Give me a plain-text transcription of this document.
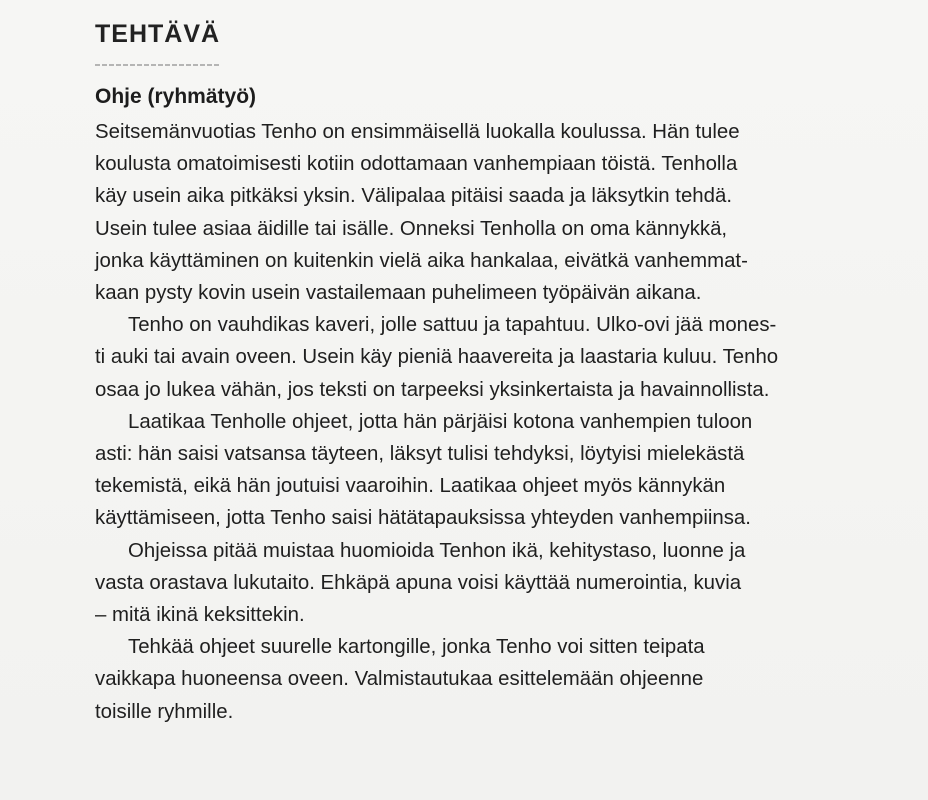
TEHTÄVÄ
Ohje (ryhmätyö)
Seitsemänvuotias Tenho on ensimmäisellä luokalla koulussa. Hän tulee
koulusta omatoimisesti kotiin odottamaan vanhempiaan töistä. Tenholla
käy usein aika pitkäksi yksin. Välipalaa pitäisi saada ja läksytkin tehdä.
Usein tulee asiaa äidille tai isälle. Onneksi Tenholla on oma kännykkä,
jonka käyttäminen on kuitenkin vielä aika hankalaa, eivätkä vanhemmat-
kaan pysty kovin usein vastailemaan puhelimeen työpäivän aikana.
Tenho on vauhdikas kaveri, jolle sattuu ja tapahtuu. Ulko-ovi jää mones-
ti auki tai avain oveen. Usein käy pieniä haavereita ja laastaria kuluu. Tenho
osaa jo lukea vähän, jos teksti on tarpeeksi yksinkertaista ja havainnollista.
Laatikaa Tenholle ohjeet, jotta hän pärjäisi kotona vanhempien tuloon
asti: hän saisi vatsansa täyteen, läksyt tulisi tehdyksi, löytyisi mielekästä
tekemistä, eikä hän joutuisi vaaroihin. Laatikaa ohjeet myös kännykän
käyttämiseen, jotta Tenho saisi hätätapauksissa yhteyden vanhempiinsa.
Ohjeissa pitää muistaa huomioida Tenhon ikä, kehitystaso, luonne ja
vasta orastava lukutaito. Ehkäpä apuna voisi käyttää numerointia, kuvia
– mitä ikinä keksittekin.
Tehkää ohjeet suurelle kartongille, jonka Tenho voi sitten teipata
vaikkapa huoneensa oveen. Valmistautukaa esittelemään ohjeenne
toisille ryhmille.
